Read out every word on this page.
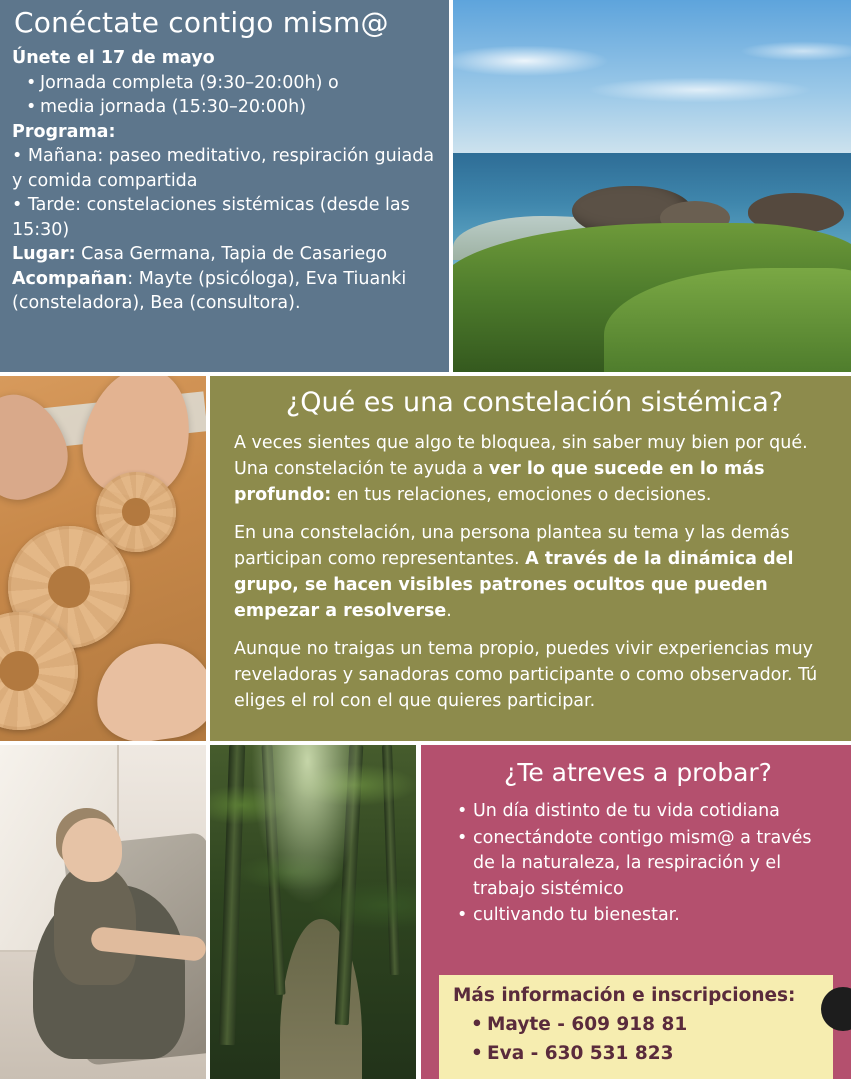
Conéctate contigo mism@
Únete el 17 de mayo
• Jornada completa (9:30–20:00h) o
• media jornada (15:30–20:00h)
Programa:
• Mañana: paseo meditativo, respiración guiada y comida compartida
• Tarde: constelaciones sistémicas (desde las 15:30)
Lugar: Casa Germana, Tapia de Casariego
Acompañan: Mayte (psicóloga), Eva Tiuanki (consteladora), Bea (consultora).
¿Qué es una constelación sistémica?

A veces sientes que algo te bloquea, sin saber muy bien por qué. Una constelación te ayuda a ver lo que sucede en lo más profundo: en tus relaciones, emociones o decisiones.

En una constelación, una persona plantea su tema y las demás participan como representantes. A través de la dinámica del grupo, se hacen visibles patrones ocultos que pueden empezar a resolverse.

Aunque no traigas un tema propio, puedes vivir experiencias muy reveladoras y sanadoras como participante o como observador. Tú eliges el rol con el que quieres participar.

¿Te atreves a probar?
• Un día distinto de tu vida cotidiana
• conectándote contigo mism@ a través de la naturaleza, la respiración y el trabajo sistémico
• cultivando tu bienestar.
Más información e inscripciones:
• Mayte - 609 918 81
• Eva - 630 531 823
